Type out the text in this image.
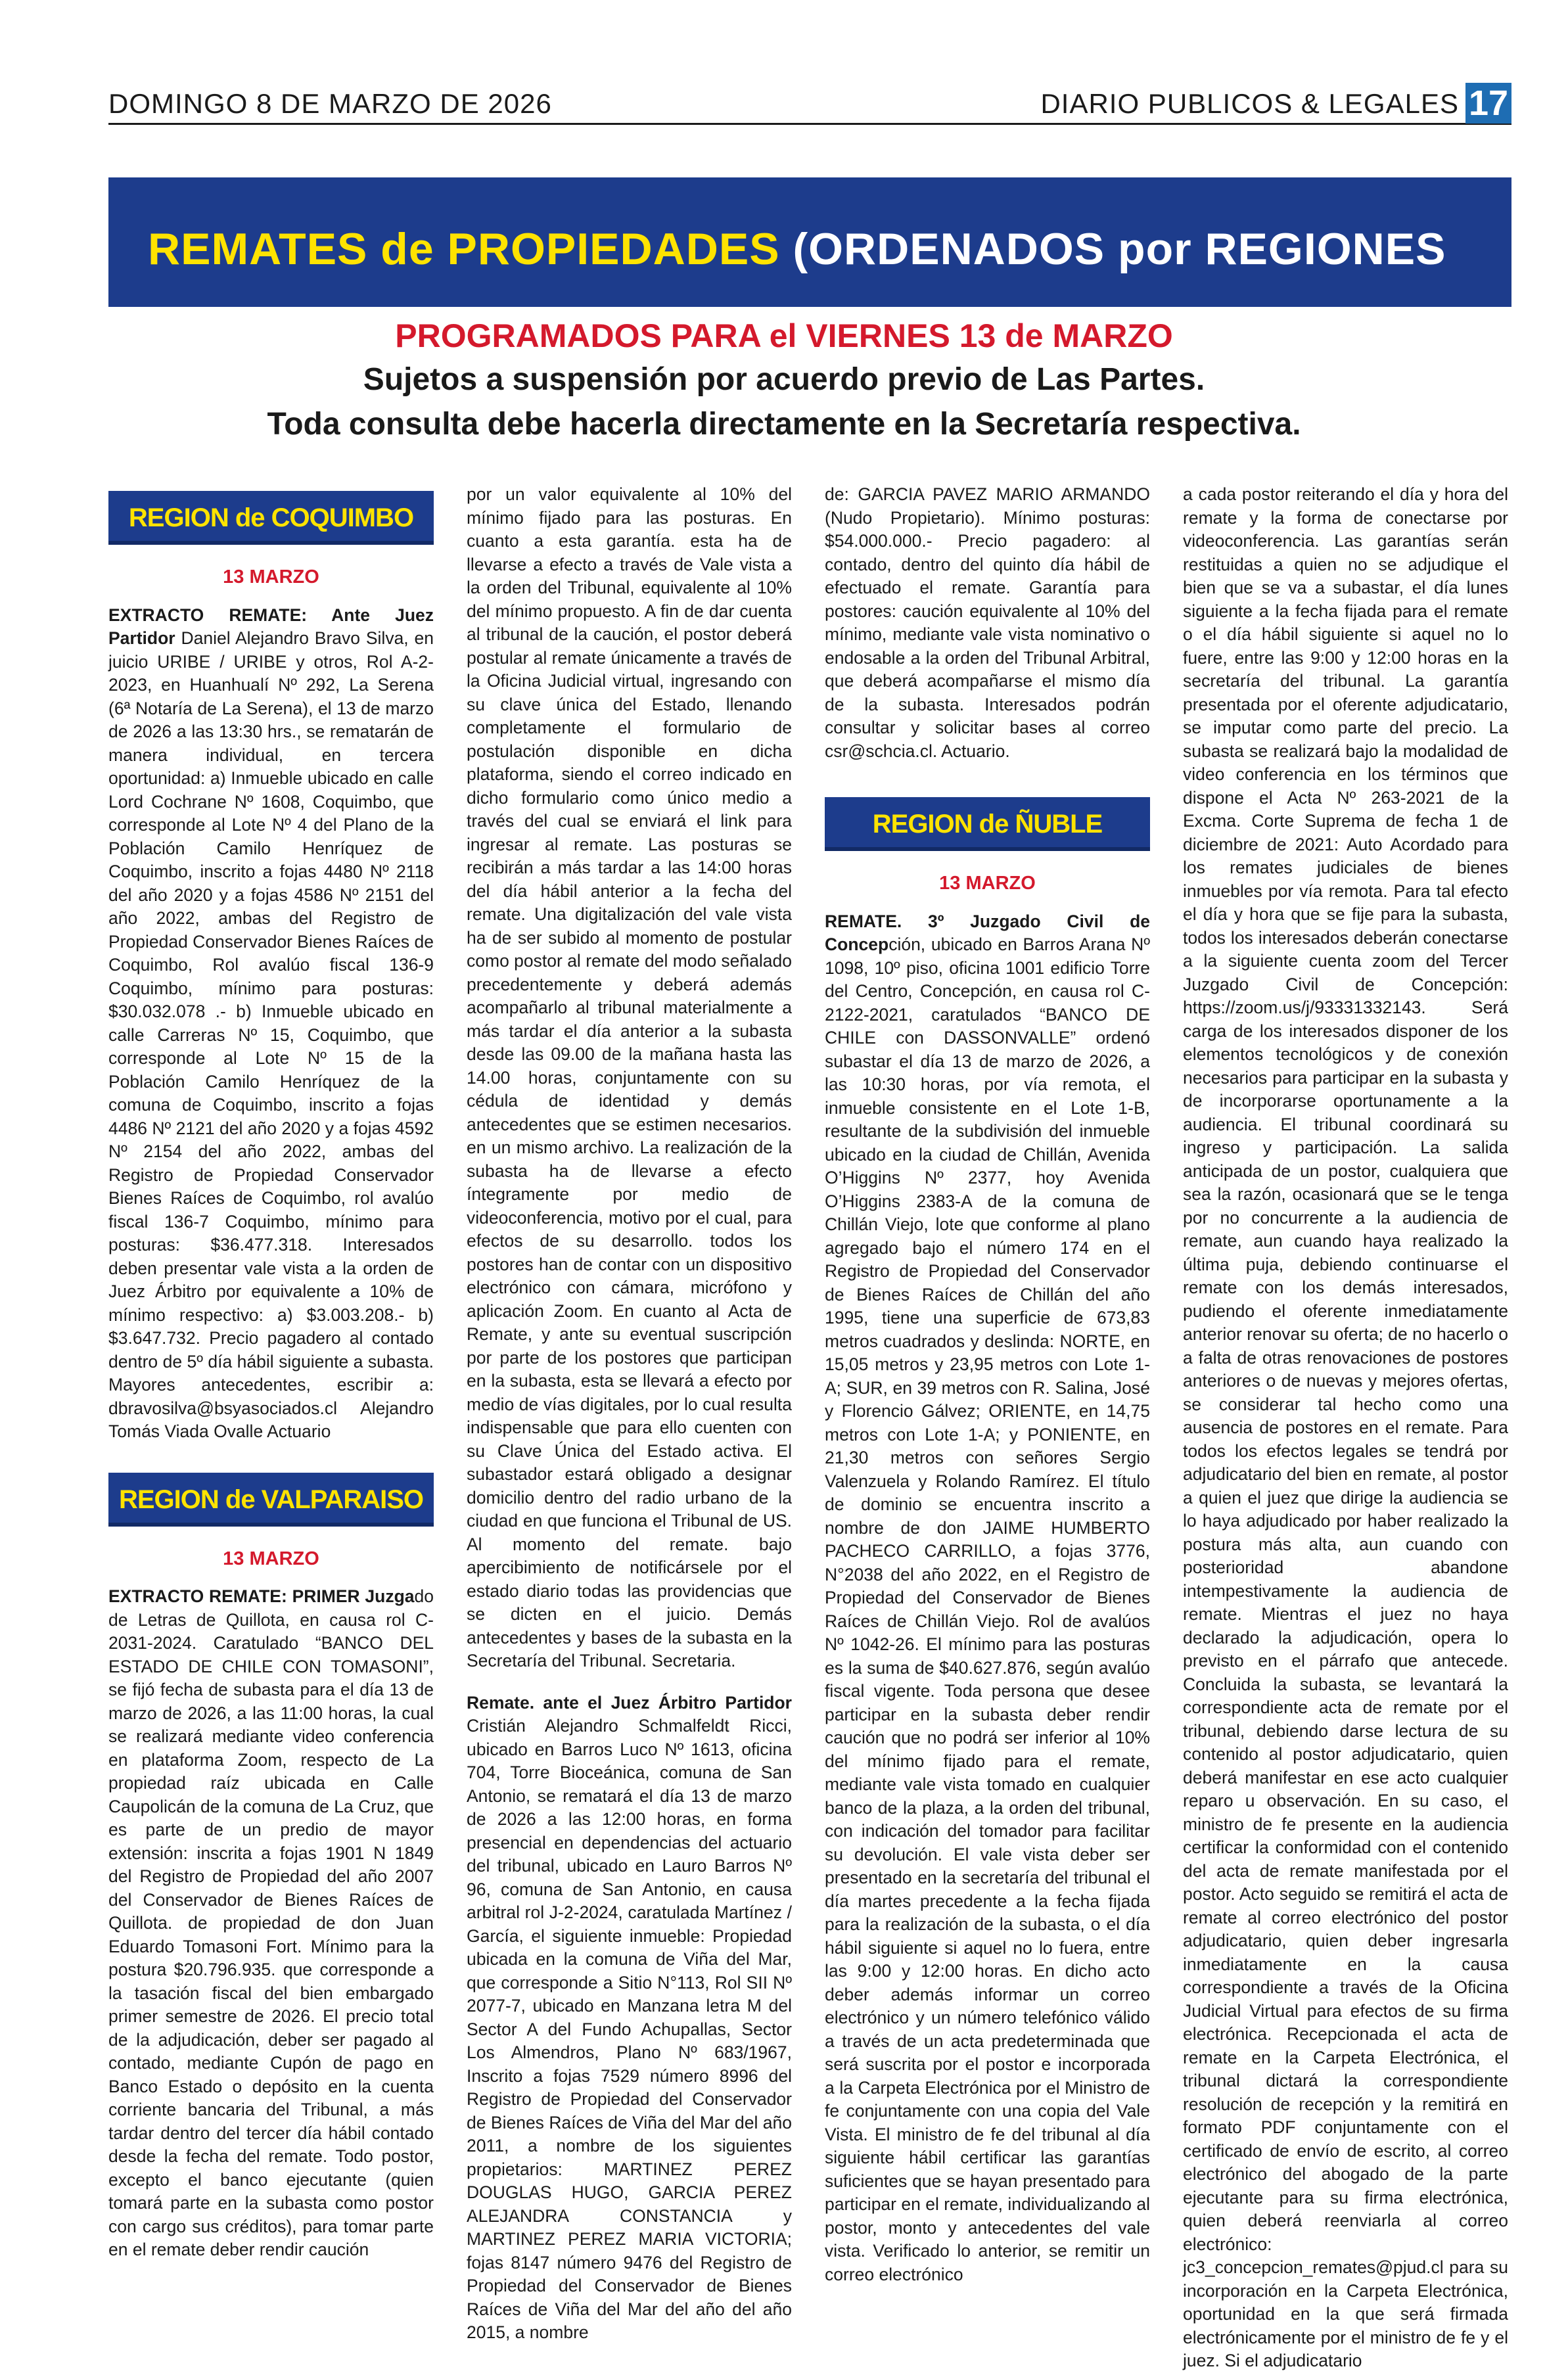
DOMINGO 8 DE MARZO DE 2026	DIARIO PUBLICOS & LEGALES 17
REMATES de PROPIEDADES (ORDENADOS por REGIONES
PROGRAMADOS PARA el VIERNES 13 de MARZO
Sujetos a suspensión por acuerdo previo de Las Partes.
Toda consulta debe hacerla directamente en la Secretaría respectiva.
REGION de COQUIMBO
13 MARZO

EXTRACTO REMATE: Ante Juez Partidor Daniel Alejandro Bravo Silva, en juicio URIBE / URIBE y otros, Rol A-2-2023, en Huanhualí Nº 292, La Serena (6ª Notaría de La Serena), el 13 de marzo de 2026 a las 13:30 hrs., se rematarán de manera individual, en tercera oportunidad: a) Inmueble ubicado en calle Lord Cochrane Nº 1608, Coquimbo, que corresponde al Lote Nº 4 del Plano de la Población Camilo Henríquez de Coquimbo, inscrito a fojas 4480 Nº 2118 del año 2020 y a fojas 4586 Nº 2151 del año 2022, ambas del Registro de Propiedad Conservador Bienes Raíces de Coquimbo, Rol avalúo fiscal 136-9 Coquimbo, mínimo para posturas: $30.032.078 .- b) Inmueble ubicado en calle Carreras Nº 15, Coquimbo, que corresponde al Lote Nº 15 de la Población Camilo Henríquez de la comuna de Coquimbo, inscrito a fojas 4486 Nº 2121 del año 2020 y a fojas 4592 Nº 2154 del año 2022, ambas del Registro de Propiedad Conservador Bienes Raíces de Coquimbo, rol avalúo fiscal 136-7 Coquimbo, mínimo para posturas: $36.477.318. Interesados deben presentar vale vista a la orden de Juez Árbitro por equivalente a 10% de mínimo respectivo: a) $3.003.208.- b) $3.647.732. Precio pagadero al contado dentro de 5º día hábil siguiente a subasta. Mayores antecedentes, escribir a: dbravosilva@bsyasociados.cl Alejandro Tomás Viada Ovalle Actuario

REGION de VALPARAISO
13 MARZO

EXTRACTO REMATE: PRIMER Juzgado de Letras de Quillota, en causa rol C-2031-2024. Caratulado “BANCO DEL ESTADO DE CHILE CON TOMASONI”, se fijó fecha de subasta para el día 13 de marzo de 2026, a las 11:00 horas, la cual se realizará mediante video conferencia en plataforma Zoom, respecto de La propiedad raíz ubicada en Calle Caupolicán de la comuna de La Cruz, que es parte de un predio de mayor extensión: inscrita a fojas 1901 N 1849 del Registro de Propiedad del año 2007 del Conservador de Bienes Raíces de Quillota. de propiedad de don Juan Eduardo Tomasoni Fort. Mínimo para la postura $20.796.935. que corresponde a la tasación fiscal del bien embargado primer semestre de 2026. El precio total de la adjudicación, deber ser pagado al contado, mediante Cupón de pago en Banco Estado o depósito en la cuenta corriente bancaria del Tribunal, a más tardar dentro del tercer día hábil contado desde la fecha del remate. Todo postor, excepto el banco ejecutante (quien tomará parte en la subasta como postor con cargo sus créditos), para tomar parte en el remate deber rendir caución

por un valor equivalente al 10% del mínimo fijado para las posturas. En cuanto a esta garantía. esta ha de llevarse a efecto a través de Vale vista a la orden del Tribunal, equivalente al 10% del mínimo propuesto. A fin de dar cuenta al tribunal de la caución, el postor deberá postular al remate únicamente a través de la Oficina Judicial virtual, ingresando con su clave única del Estado, llenando completamente el formulario de postulación disponible en dicha plataforma, siendo el correo indicado en dicho formulario como único medio a través del cual se enviará el link para ingresar al remate. Las posturas se recibirán a más tardar a las 14:00 horas del día hábil anterior a la fecha del remate. Una digitalización del vale vista ha de ser subido al momento de postular como postor al remate del modo señalado precedentemente y deberá además acompañarlo al tribunal materialmente a más tardar el día anterior a la subasta desde las 09.00 de la mañana hasta las 14.00 horas, conjuntamente con su cédula de identidad y demás antecedentes que se estimen necesarios. en un mismo archivo. La realización de la subasta ha de llevarse a efecto íntegramente por medio de videoconferencia, motivo por el cual, para efectos de su desarrollo. todos los postores han de contar con un dispositivo electrónico con cámara, micrófono y aplicación Zoom. En cuanto al Acta de Remate, y ante su eventual suscripción por parte de los postores que participan en la subasta, esta se llevará a efecto por medio de vías digitales, por lo cual resulta indispensable que para ello cuenten con su Clave Única del Estado activa. El subastador estará obligado a designar domicilio dentro del radio urbano de la ciudad en que funciona el Tribunal de US. Al momento del remate. bajo apercibimiento de notificársele por el estado diario todas las providencias que se dicten en el juicio. Demás antecedentes y bases de la subasta en la Secretaría del Tribunal. Secretaria.

Remate. ante el Juez Árbitro Partidor Cristián Alejandro Schmalfeldt Ricci, ubicado en Barros Luco Nº 1613, oficina 704, Torre Bioceánica, comuna de San Antonio, se rematará el día 13 de marzo de 2026 a las 12:00 horas, en forma presencial en dependencias del actuario del tribunal, ubicado en Lauro Barros Nº 96, comuna de San Antonio, en causa arbitral rol J-2-2024, caratulada Martínez / García, el siguiente inmueble: Propiedad ubicada en la comuna de Viña del Mar, que corresponde a Sitio N°113, Rol SII Nº 2077-7, ubicado en Manzana letra M del Sector A del Fundo Achupallas, Sector Los Almendros, Plano Nº 683/1967, Inscrito a fojas 7529 número 8996 del Registro de Propiedad del Conservador de Bienes Raíces de Viña del Mar del año 2011, a nombre de los siguientes propietarios: MARTINEZ PEREZ DOUGLAS HUGO, GARCIA PEREZ ALEJANDRA CONSTANCIA y MARTINEZ PEREZ MARIA VICTORIA; fojas 8147 número 9476 del Registro de Propiedad del Conservador de Bienes Raíces de Viña del Mar del año del año 2015, a nombre

de: GARCIA PAVEZ MARIO ARMANDO (Nudo Propietario). Mínimo posturas: $54.000.000.- Precio pagadero: al contado, dentro del quinto día hábil de efectuado el remate. Garantía para postores: caución equivalente al 10% del mínimo, mediante vale vista nominativo o endosable a la orden del Tribunal Arbitral, que deberá acompañarse el mismo día de la subasta. Interesados podrán consultar y solicitar bases al correo csr@schcia.cl. Actuario.

REGION de ÑUBLE
13 MARZO

REMATE. 3º Juzgado Civil de Concepción, ubicado en Barros Arana Nº 1098, 10º piso, oficina 1001 edificio Torre del Centro, Concepción, en causa rol C-2122-2021, caratulados “BANCO DE CHILE con DASSONVALLE” ordenó subastar el día 13 de marzo de 2026, a las 10:30 horas, por vía remota, el inmueble consistente en el Lote 1-B, resultante de la subdivisión del inmueble ubicado en la ciudad de Chillán, Avenida O’Higgins Nº 2377, hoy Avenida O’Higgins 2383-A de la comuna de Chillán Viejo, lote que conforme al plano agregado bajo el número 174 en el Registro de Propiedad del Conservador de Bienes Raíces de Chillán del año 1995, tiene una superficie de 673,83 metros cuadrados y deslinda: NORTE, en 15,05 metros y 23,95 metros con Lote 1-A; SUR, en 39 metros con R. Salina, José y Florencio Gálvez; ORIENTE, en 14,75 metros con Lote 1-A; y PONIENTE, en 21,30 metros con señores Sergio Valenzuela y Rolando Ramírez. El título de dominio se encuentra inscrito a nombre de don JAIME HUMBERTO PACHECO CARRILLO, a fojas 3776, N°2038 del año 2022, en el Registro de Propiedad del Conservador de Bienes Raíces de Chillán Viejo. Rol de avalúos Nº 1042-26. El mínimo para las posturas es la suma de $40.627.876, según avalúo fiscal vigente. Toda persona que desee participar en la subasta deber rendir caución que no podrá ser inferior al 10% del mínimo fijado para el remate, mediante vale vista tomado en cualquier banco de la plaza, a la orden del tribunal, con indicación del tomador para facilitar su devolución. El vale vista deber ser presentado en la secretaría del tribunal el día martes precedente a la fecha fijada para la realización de la subasta, o el día hábil siguiente si aquel no lo fuera, entre las 9:00 y 12:00 horas. En dicho acto deber además informar un correo electrónico y un número telefónico válido a través de un acta predeterminada que será suscrita por el postor e incorporada a la Carpeta Electrónica por el Ministro de fe conjuntamente con una copia del Vale Vista. El ministro de fe del tribunal al día siguiente hábil certificar las garantías suficientes que se hayan presentado para participar en el remate, individualizando al postor, monto y antecedentes del vale vista. Verificado lo anterior, se remitir un correo electrónico

a cada postor reiterando el día y hora del remate y la forma de conectarse por videoconferencia. Las garantías serán restituidas a quien no se adjudique el bien que se va a subastar, el día lunes siguiente a la fecha fijada para el remate o el día hábil siguiente si aquel no lo fuere, entre las 9:00 y 12:00 horas en la secretaría del tribunal. La garantía presentada por el oferente adjudicatario, se imputar como parte del precio. La subasta se realizará bajo la modalidad de video conferencia en los términos que dispone el Acta Nº 263-2021 de la Excma. Corte Suprema de fecha 1 de diciembre de 2021: Auto Acordado para los remates judiciales de bienes inmuebles por vía remota. Para tal efecto el día y hora que se fije para la subasta, todos los interesados deberán conectarse a la siguiente cuenta zoom del Tercer Juzgado Civil de Concepción: https://zoom.us/j/93331332143. Será carga de los interesados disponer de los elementos tecnológicos y de conexión necesarios para participar en la subasta y de incorporarse oportunamente a la audiencia. El tribunal coordinará su ingreso y participación. La salida anticipada de un postor, cualquiera que sea la razón, ocasionará que se le tenga por no concurrente a la audiencia de remate, aun cuando haya realizado la última puja, debiendo continuarse el remate con los demás interesados, pudiendo el oferente inmediatamente anterior renovar su oferta; de no hacerlo o a falta de otras renovaciones de postores anteriores o de nuevas y mejores ofertas, se considerar tal hecho como una ausencia de postores en el remate. Para todos los efectos legales se tendrá por adjudicatario del bien en remate, al postor a quien el juez que dirige la audiencia se lo haya adjudicado por haber realizado la postura más alta, aun cuando con posterioridad abandone intempestivamente la audiencia de remate. Mientras el juez no haya declarado la adjudicación, opera lo previsto en el párrafo que antecede. Concluida la subasta, se levantará la correspondiente acta de remate por el tribunal, debiendo darse lectura de su contenido al postor adjudicatario, quien deberá manifestar en ese acto cualquier reparo u observación. En su caso, el ministro de fe presente en la audiencia certificar la conformidad con el contenido del acta de remate manifestada por el postor. Acto seguido se remitirá el acta de remate al correo electrónico del postor adjudicatario, quien deber ingresarla inmediatamente en la causa correspondiente a través de la Oficina Judicial Virtual para efectos de su firma electrónica. Recepcionada el acta de remate en la Carpeta Electrónica, el tribunal dictará la correspondiente resolución de recepción y la remitirá en formato PDF conjuntamente con el certificado de envío de escrito, al correo electrónico del abogado de la parte ejecutante para su firma electrónica, quien deberá reenviarla al correo electrónico: jc3_concepcion_remates@pjud.cl para su incorporación en la Carpeta Electrónica, oportunidad en la que será firmada electrónicamente por el ministro de fe y el juez. Si el adjudicatario
